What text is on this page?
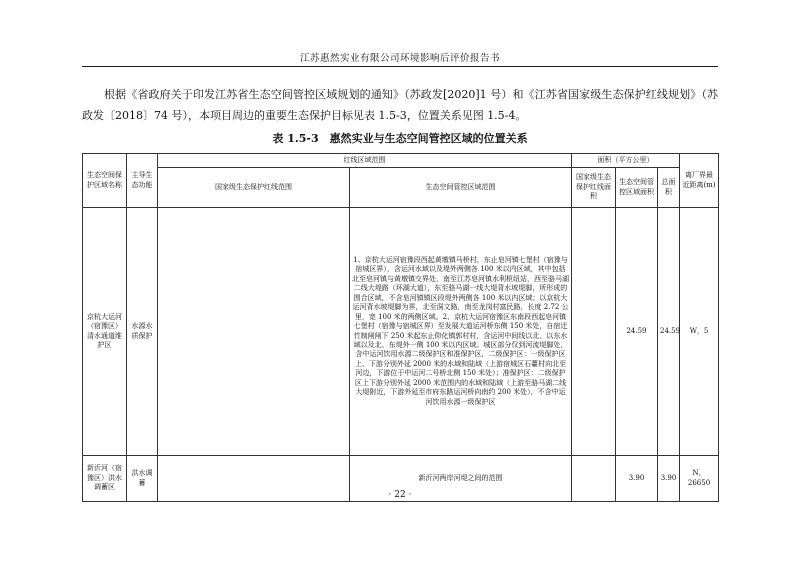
江苏惠然实业有限公司环境影响后评价报告书
根据《省政府关于印发江苏省生态空间管控区域规划的通知》（苏政发[2020]1 号）和《江苏省国家级生态保护红线规划》（苏政发〔2018〕74 号），本项目周边的重要生态保护目标见表 1.5-3，位置关系见图 1.5-4。
表 1.5-3　惠然实业与生态空间管控区域的位置关系
生态空间保护区域名称	主导生态功能	红线区域范围		面积（平方公里）			离厂界最近距离(m)
		国家级生态保护红线范围	生态空间管控区域范围	国家级生态保护红线面积	生态空间管控区域面积	总面积	
京杭大运河（宿豫区）清水通道维护区	水源水质保护		1、京杭大运河宿豫段西起黄墩镇马桥村，东止皂河镇七堡村（宿豫与宿城区界），含运河水域以及堤外两侧各 100 米以内区域，其中包括北至皂河镇与黄墩镇交界处，南至江苏皂河镇水利枢纽站，西至骆马湖二线大堤路（环湖大道），东至骆马湖一线大堤背水坡堤脚，所形成的围合区域，不含皂河镇镇区段堤外两侧各 100 米以内区域；以京杭大运河背水坡堤脚为界，北至洞文路，南至龙岗村富民路，长度 2.72 公里，宽 100 米的两侧区域。2、京杭大运河宿豫区东南段西起皂河镇七堡村（宿豫与宿城区界）至发展大道运河桥东侧 150 米处，自宿迁竹制闸闸下 250 米起东止仰化镇郭村村，含运河中间线以北、以东水域以及北、东堤外一侧 100 米以内区域。城区部分仅到河流堤脚处，含中运河饮用水源二级保护区和准保护区，二级保护区：一级保护区上、下游分别外延 2000 米的水域和陆域（上游宿城区石薹村向北至河边，下游位于中运河二号桥北侧 150 米处）；准保护区：二级保护区上下游分别外延 2000 米范围内的水域和陆域（上游至骆马湖二线大堤附近，下游外延至市府东路运河桥向南约 200 米处），不含中运河饮用水源一级保护区		24.59	24.59	W，5
新沂河（宿豫区）洪水调蓄区	洪水调蓄		新沂河两岸河堤之间的范围		3.90	3.90	N，26650
· 22 ·
